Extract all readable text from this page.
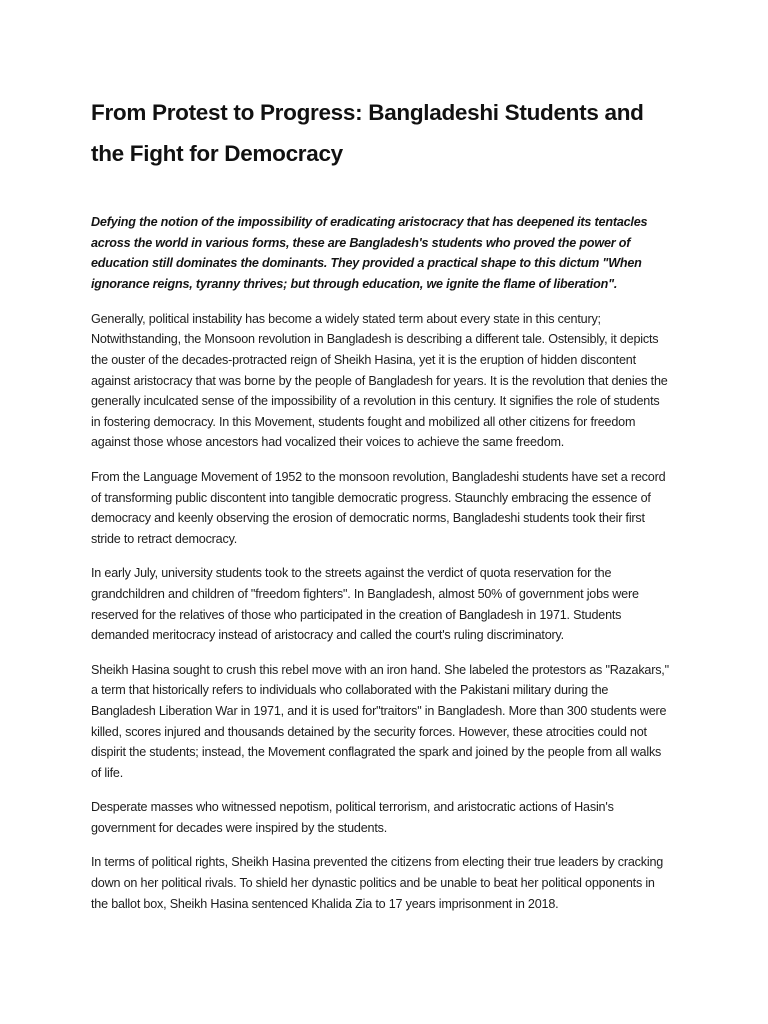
From Protest to Progress: Bangladeshi Students and the Fight for Democracy

Defying the notion of the impossibility of eradicating aristocracy that has deepened its tentacles across the world in various forms, these are Bangladesh's students who proved the power of education still dominates the dominants. They provided a practical shape to this dictum "When ignorance reigns, tyranny thrives; but through education, we ignite the flame of liberation".

Generally, political instability has become a widely stated term about every state in this century; Notwithstanding, the Monsoon revolution in Bangladesh is describing a different tale. Ostensibly, it depicts the ouster of the decades-protracted reign of Sheikh Hasina, yet it is the eruption of hidden discontent against aristocracy that was borne by the people of Bangladesh for years. It is the revolution that denies the generally inculcated sense of the impossibility of a revolution in this century. It signifies the role of students in fostering democracy. In this Movement, students fought and mobilized all other citizens for freedom against those whose ancestors had vocalized their voices to achieve the same freedom.

From the Language Movement of 1952 to the monsoon revolution, Bangladeshi students have set a record of transforming public discontent into tangible democratic progress. Staunchly embracing the essence of democracy and keenly observing the erosion of democratic norms, Bangladeshi students took their first stride to retract democracy.

In early July, university students took to the streets against the verdict of quota reservation for the grandchildren and children of "freedom fighters". In Bangladesh, almost 50% of government jobs were reserved for the relatives of those who participated in the creation of Bangladesh in 1971. Students demanded meritocracy instead of aristocracy and called the court's ruling discriminatory.

Sheikh Hasina sought to crush this rebel move with an iron hand. She labeled the protestors as "Razakars," a term that historically refers to individuals who collaborated with the Pakistani military during the Bangladesh Liberation War in 1971, and it is used for"traitors" in Bangladesh. More than 300 students were killed, scores injured and thousands detained by the security forces. However, these atrocities could not dispirit the students; instead, the Movement conflagrated the spark and joined by the people from all walks of life.

Desperate masses who witnessed nepotism, political terrorism, and aristocratic actions of Hasin's government for decades were inspired by the students.

In terms of political rights, Sheikh Hasina prevented the citizens from electing their true leaders by cracking down on her political rivals. To shield her dynastic politics and be unable to beat her political opponents in the ballot box, Sheikh Hasina sentenced Khalida Zia to 17 years imprisonment in 2018.
